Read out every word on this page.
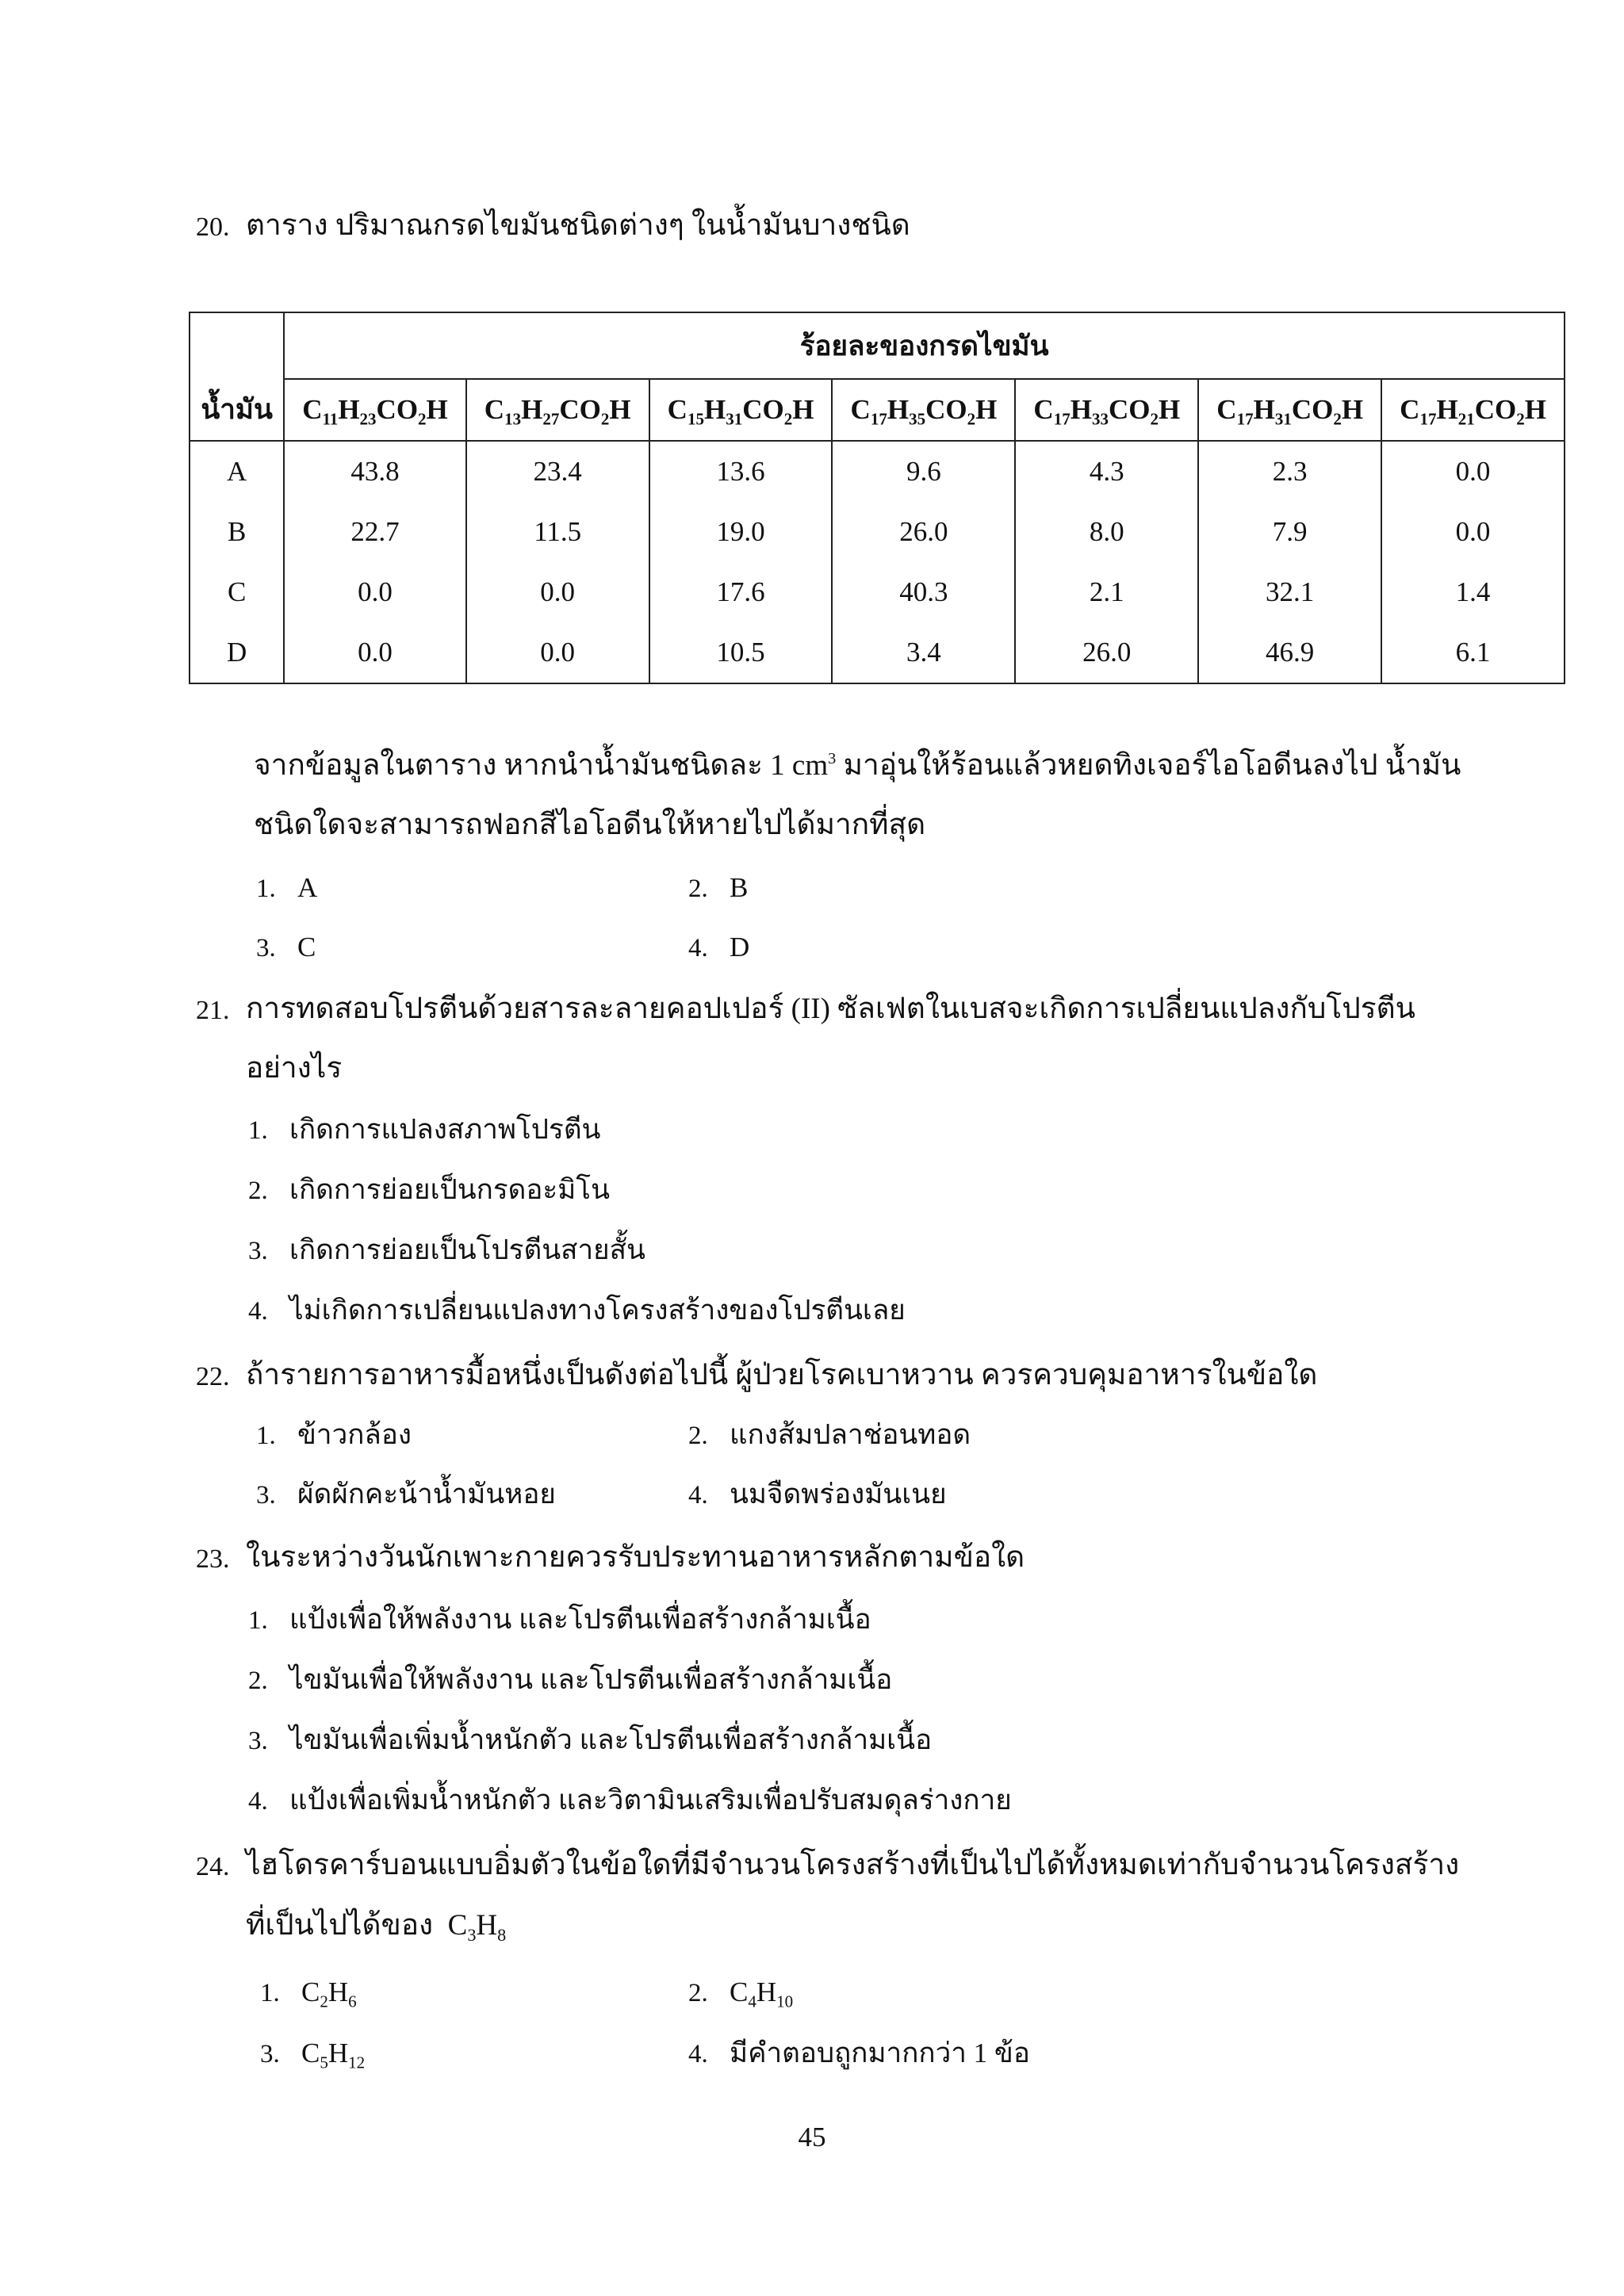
20. ตาราง ปริมาณกรดไขมันชนิดต่างๆ ในน้ำมันบางชนิด
	ร้อยละของกรดไขมัน						
น้ำมัน	$C_{11}H_{23}CO_2H$	$C_{13}H_{27}CO_2H$	$C_{15}H_{31}CO_2H$	$C_{17}H_{35}CO_2H$	$C_{17}H_{33}CO_2H$	$C_{17}H_{31}CO_2H$	$C_{17}H_{21}CO_2H$
A	43.8	23.4	13.6	9.6	4.3	2.3	0.0
B	22.7	11.5	19.0	26.0	8.0	7.9	0.0
C	0.0	0.0	17.6	40.3	2.1	32.1	1.4
D	0.0	0.0	10.5	3.4	26.0	46.9	6.1
จากข้อมูลในตาราง หากนำน้ำมันชนิดละ 1 $cm^3$ มาอุ่นให้ร้อนแล้วหยดทิงเจอร์ไอโอดีนลงไป น้ำมัน
ชนิดใดจะสามารถฟอกสีไอโอดีนให้หายไปได้มากที่สุด
1. A	2. B
3. C	4. D
21. การทดสอบโปรตีนด้วยสารละลายคอปเปอร์ (II) ซัลเฟตในเบสจะเกิดการเปลี่ยนแปลงกับโปรตีน
อย่างไร
1. เกิดการแปลงสภาพโปรตีน
2. เกิดการย่อยเป็นกรดอะมิโน
3. เกิดการย่อยเป็นโปรตีนสายสั้น
4. ไม่เกิดการเปลี่ยนแปลงทางโครงสร้างของโปรตีนเลย
22. ถ้ารายการอาหารมื้อหนึ่งเป็นดังต่อไปนี้ ผู้ป่วยโรคเบาหวาน ควรควบคุมอาหารในข้อใด
1. ข้าวกล้อง	2. แกงส้มปลาช่อนทอด
3. ผัดผักคะน้าน้ำมันหอย	4. นมจืดพร่องมันเนย
23. ในระหว่างวันนักเพาะกายควรรับประทานอาหารหลักตามข้อใด
1. แป้งเพื่อให้พลังงาน และโปรตีนเพื่อสร้างกล้ามเนื้อ
2. ไขมันเพื่อให้พลังงาน และโปรตีนเพื่อสร้างกล้ามเนื้อ
3. ไขมันเพื่อเพิ่มน้ำหนักตัว และโปรตีนเพื่อสร้างกล้ามเนื้อ
4. แป้งเพื่อเพิ่มน้ำหนักตัว และวิตามินเสริมเพื่อปรับสมดุลร่างกาย
24. ไฮโดรคาร์บอนแบบอิ่มตัวในข้อใดที่มีจำนวนโครงสร้างที่เป็นไปได้ทั้งหมดเท่ากับจำนวนโครงสร้าง
ที่เป็นไปได้ของ $C_3H_8$
1. $C_2H_6$	2. $C_4H_{10}$
3. $C_5H_{12}$	4. มีคำตอบถูกมากกว่า 1 ข้อ
45
